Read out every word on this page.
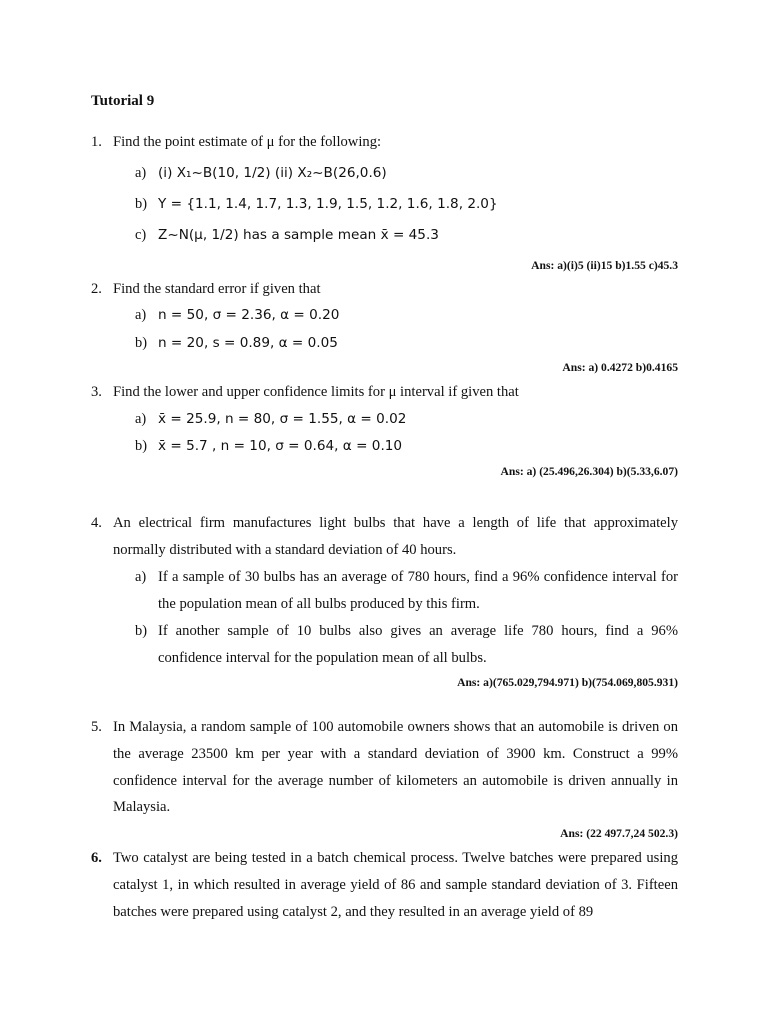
Tutorial 9
1. Find the point estimate of μ for the following:
a) (i) X₁~B(10, 1/2) (ii) X₂~B(26,0.6)
b) Y = {1.1, 1.4, 1.7, 1.3, 1.9, 1.5, 1.2, 1.6, 1.8, 2.0}
c) Z~N(μ, 1/2) has a sample mean x̄ = 45.3
Ans: a)(i)5 (ii)15 b)1.55 c)45.3
2. Find the standard error if given that
a) n = 50, σ = 2.36, α = 0.20
b) n = 20, s = 0.89, α = 0.05
Ans: a) 0.4272 b)0.4165
3. Find the lower and upper confidence limits for μ interval if given that
a) x̄ = 25.9, n = 80, σ = 1.55, α = 0.02
b) x̄ = 5.7 , n = 10, σ = 0.64, α = 0.10
Ans: a) (25.496,26.304) b)(5.33,6.07)
4. An electrical firm manufactures light bulbs that have a length of life that approximately normally distributed with a standard deviation of 40 hours.
a) If a sample of 30 bulbs has an average of 780 hours, find a 96% confidence interval for the population mean of all bulbs produced by this firm.
b) If another sample of 10 bulbs also gives an average life 780 hours, find a 96% confidence interval for the population mean of all bulbs.
Ans: a)(765.029,794.971) b)(754.069,805.931)
5. In Malaysia, a random sample of 100 automobile owners shows that an automobile is driven on the average 23500 km per year with a standard deviation of 3900 km. Construct a 99% confidence interval for the average number of kilometers an automobile is driven annually in Malaysia.
Ans: (22 497.7,24 502.3)
6. Two catalyst are being tested in a batch chemical process. Twelve batches were prepared using catalyst 1, in which resulted in average yield of 86 and sample standard deviation of 3. Fifteen batches were prepared using catalyst 2, and they resulted in an average yield of 89
